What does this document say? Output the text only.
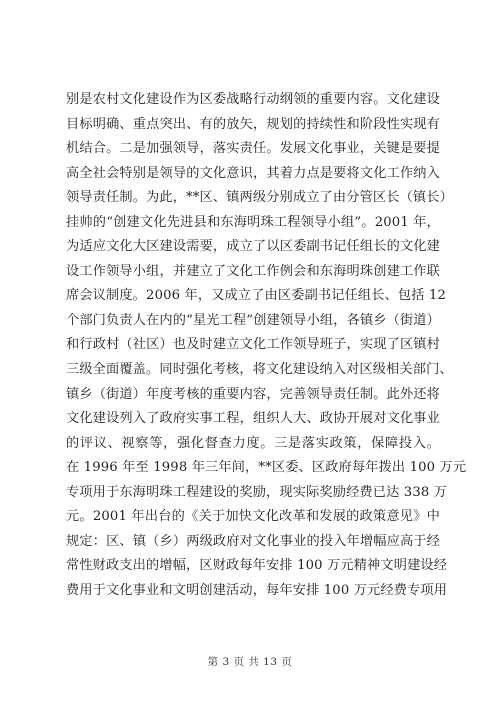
别是农村文化建设作为区委战略行动纲领的重要内容。文化建设
目标明确、重点突出、有的放矢，规划的持续性和阶段性实现有
机结合。二是加强领导，落实责任。发展文化事业，关键是要提
高全社会特别是领导的文化意识，其着力点是要将文化工作纳入
领导责任制。为此，**区、镇两级分别成立了由分管区长（镇长）
挂帅的“创建文化先进县和东海明珠工程领导小组”。2001 年，
为适应文化大区建设需要，成立了以区委副书记任组长的文化建
设工作领导小组，并建立了文化工作例会和东海明珠创建工作联
席会议制度。2006 年，又成立了由区委副书记任组长、包括 12
个部门负责人在内的“星光工程”创建领导小组，各镇乡（街道）
和行政村（社区）也及时建立文化工作领导班子，实现了区镇村
三级全面覆盖。同时强化考核，将文化建设纳入对区级相关部门、
镇乡（街道）年度考核的重要内容，完善领导责任制。此外还将
文化建设列入了政府实事工程，组织人大、政协开展对文化事业
的评议、视察等，强化督查力度。三是落实政策，保障投入。
在 1996 年至 1998 年三年间，**区委、区政府每年拨出 100 万元
专项用于东海明珠工程建设的奖励，现实际奖励经费已达 338 万
元。2001 年出台的《关于加快文化改革和发展的政策意见》中
规定：区、镇（乡）两级政府对文化事业的投入年增幅应高于经
常性财政支出的增幅，区财政每年安排 100 万元精神文明建设经
费用于文化事业和文明创建活动，每年安排 100 万元经费专项用
第 3 页 共 13 页
